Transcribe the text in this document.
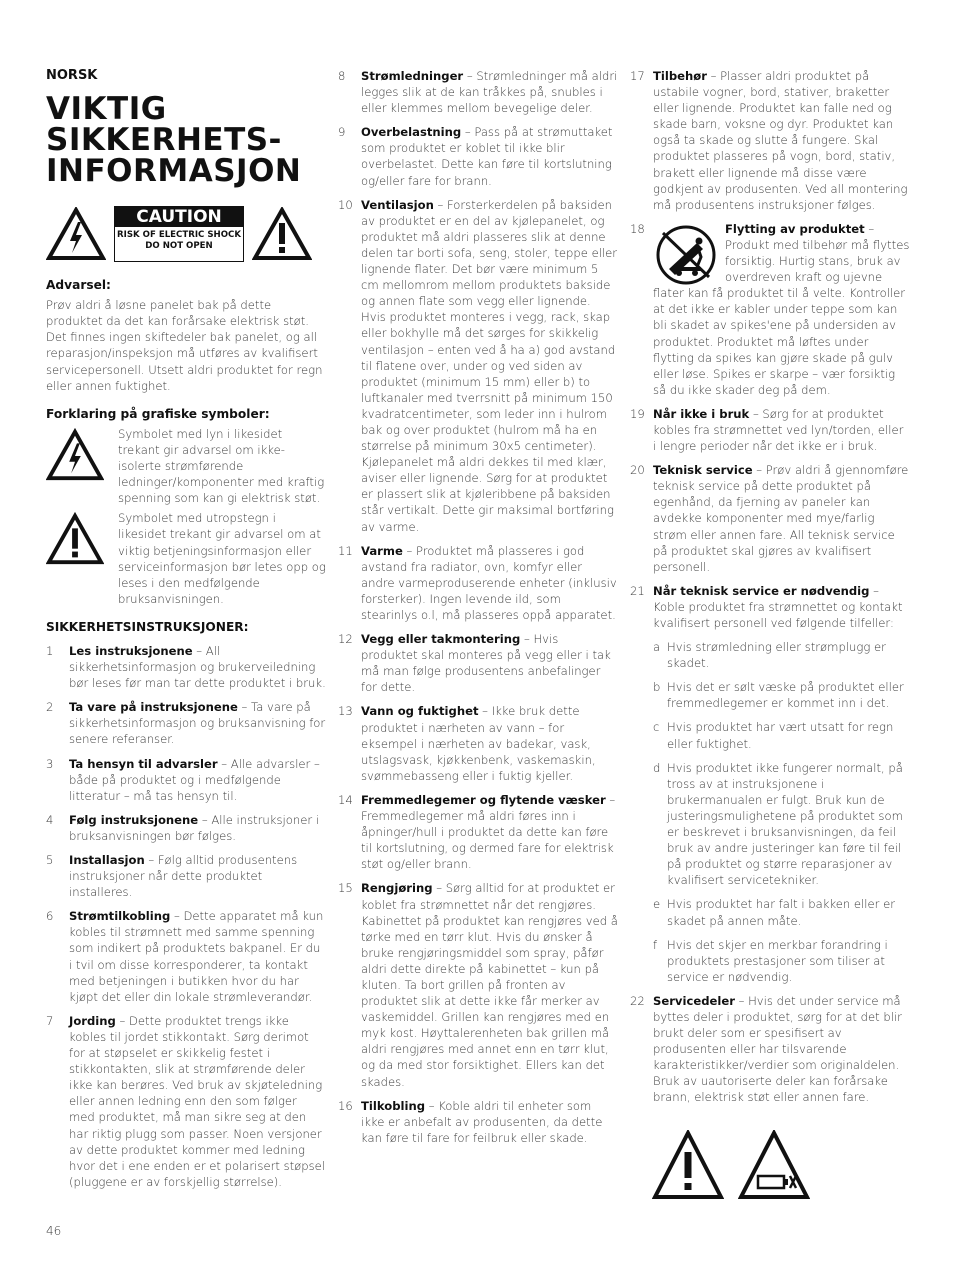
NORSK
VIKTIG
SIKKERHETS-
INFORMASJON
CAUTION
RISK OF ELECTRIC SHOCK
DO NOT OPEN
Advarsel:

Prøv aldri å løsne panelet bak på dette produktet da det kan forårsake elektrisk støt. Det finnes ingen skiftedeler bak panelet, og all reparasjon/inspeksjon må utføres av kvalifisert servicepersonell. Utsett aldri produktet for regn eller annen fuktighet.

Forklaring på grafiske symboler:
Symbolet med lyn i likesidet trekant gir advarsel om ikke-isolerte strømførende ledninger/komponenter med kraftig spenning som kan gi elektrisk støt.
Symbolet med utropstegn i likesidet trekant gir advarsel om at viktig betjeningsinformasjon eller serviceinformasjon bør letes opp og leses i den medfølgende bruksanvisningen.
SIKKERHETSINSTRUKSJONER:
1	Les instruksjonene – All sikkerhetsinformasjon og brukerveiledning bør leses før man tar dette produktet i bruk.
2	Ta vare på instruksjonene – Ta vare på sikkerhetsinformasjon og bruksanvisning for senere referanser.
3	Ta hensyn til advarsler – Alle advarsler – både på produktet og i medfølgende litteratur – må tas hensyn til.
4	Følg instruksjonene – Alle instruksjoner i bruksanvisningen bør følges.
5	Installasjon – Følg alltid produsentens instruksjoner når dette produktet installeres.
6	Strømtilkobling – Dette apparatet må kun kobles til strømnett med samme spenning som indikert på produktets bakpanel. Er du i tvil om disse korresponderer, ta kontakt med betjeningen i butikken hvor du har kjøpt det eller din lokale strømleverandør.
7	Jording – Dette produktet trengs ikke kobles til jordet stikkontakt. Sørg derimot for at støpselet er skikkelig festet i stikkontakten, slik at strømførende deler ikke kan berøres. Ved bruk av skjøteledning eller annen ledning enn den som følger med produktet, må man sikre seg at den har riktig plugg som passer. Noen versjoner av dette produktet kommer med ledning hvor det i ene enden er et polarisert støpsel (pluggene er av forskjellig størrelse).
8	Strømledninger – Strømledninger må aldri legges slik at de kan tråkkes på, snubles i eller klemmes mellom bevegelige deler.
9	Overbelastning – Pass på at strømuttaket som produktet er koblet til ikke blir overbelastet. Dette kan føre til kortslutning og/eller fare for brann.
10 Ventilasjon – Forsterkerdelen på baksiden av produktet er en del av kjølepanelet, og produktet må aldri plasseres slik at denne delen tar borti sofa, seng, stoler, teppe eller lignende flater. Det bør være minimum 5 cm mellomrom mellom produktets bakside og annen flate som vegg eller lignende. Hvis produktet monteres i vegg, rack, skap eller bokhylle må det sørges for skikkelig ventilasjon – enten ved å ha a) god avstand til flatene over, under og ved siden av produktet (minimum 15 mm) eller b) to luftkanaler med tverrsnitt på minimum 150 kvadratcentimeter, som leder inn i hulrom bak og over produktet (hulrom må ha en størrelse på minimum 30x5 centimeter). Kjølepanelet må aldri dekkes til med klær, aviser eller lignende. Sørg for at produktet er plassert slik at kjøleribbene på baksiden står vertikalt. Dette gir maksimal bortføring av varme.
11 Varme – Produktet må plasseres i god avstand fra radiator, ovn, komfyr eller andre varmeproduserende enheter (inklusiv forsterker). Ingen levende ild, som stearinlys o.l, må plasseres oppå apparatet.
12 Vegg eller takmontering – Hvis produktet skal monteres på vegg eller i tak må man følge produsentens anbefalinger for dette.
13 Vann og fuktighet – Ikke bruk dette produktet i nærheten av vann – for eksempel i nærheten av badekar, vask, utslagsvask, kjøkkenbenk, vaskemaskin, svømmebasseng eller i fuktig kjeller.
14 Fremmedlegemer og flytende væsker – Fremmedlegemer må aldri føres inn i åpninger/hull i produktet da dette kan føre til kortslutning, og dermed fare for elektrisk støt og/eller brann.
15 Rengjøring – Sørg alltid for at produktet er koblet fra strømnettet når det rengjøres. Kabinettet på produktet kan rengjøres ved å tørke med en tørr klut. Hvis du ønsker å bruke rengjøringsmiddel som spray, påfør aldri dette direkte på kabinettet – kun på kluten. Ta bort grillen på fronten av produktet slik at dette ikke får merker av vaskemiddel. Grillen kan rengjøres med en myk kost. Høyttalerenheten bak grillen må aldri rengjøres med annet enn en tørr klut, og da med stor forsiktighet. Ellers kan det skades.
16 Tilkobling – Koble aldri til enheter som ikke er anbefalt av produsenten, da dette kan føre til fare for feilbruk eller skade.
17 Tilbehør – Plasser aldri produktet på ustabile vogner, bord, stativer, braketter eller lignende. Produktet kan falle ned og skade barn, voksne og dyr. Produktet kan også ta skade og slutte å fungere. Skal produktet plasseres på vogn, bord, stativ, brakett eller lignende må disse være godkjent av produsenten. Ved all montering må produsentens instruksjoner følges.
18	Flytting av produktet
– Produkt med tilbehør må flyttes forsiktig. Hurtig stans, bruk av overdreven kraft og ujevne flater kan få produktet til å velte. Kontroller at det ikke er kabler under teppe som kan bli skadet av spikes'ene på undersiden av produktet. Produktet må løftes under flytting da spikes kan gjøre skade på gulv eller løse. Spikes er skarpe – vær forsiktig så du ikke skader deg på dem.
19 Når ikke i bruk – Sørg for at produktet kobles fra strømnettet ved lyn/torden, eller i lengre perioder når det ikke er i bruk.
20 Teknisk service – Prøv aldri å gjennomføre teknisk service på dette produktet på egenhånd, da fjerning av paneler kan avdekke komponenter med mye/farlig strøm eller annen fare. All teknisk service på produktet skal gjøres av kvalifisert personell.
21 Når teknisk service er nødvendig – Koble produktet fra strømnettet og kontakt kvalifisert personell ved følgende tilfeller:
a Hvis strømledning eller strømplugg er skadet.
b Hvis det er sølt væske på produktet eller fremmedlegemer er kommet inn i det.
c Hvis produktet har vært utsatt for regn eller fuktighet.
d Hvis produktet ikke fungerer normalt, på tross av at instruksjonene i brukermanualen er fulgt. Bruk kun de justeringsmulighetene på produktet som er beskrevet i bruksanvisningen, da feil bruk av andre justeringer kan føre til feil på produktet og større reparasjoner av kvalifisert servicetekniker.
e Hvis produktet har falt i bakken eller er skadet på annen måte.
f Hvis det skjer en merkbar forandring i produktets prestasjoner som tiliser at service er nødvendig.
22 Servicedeler – Hvis det under service må byttes deler i produktet, sørg for at det blir brukt deler som er spesifisert av produsenten eller har tilsvarende karakteristikker/verdier som originaldelen. Bruk av uautoriserte deler kan forårsake brann, elektrisk støt eller annen fare.
46
